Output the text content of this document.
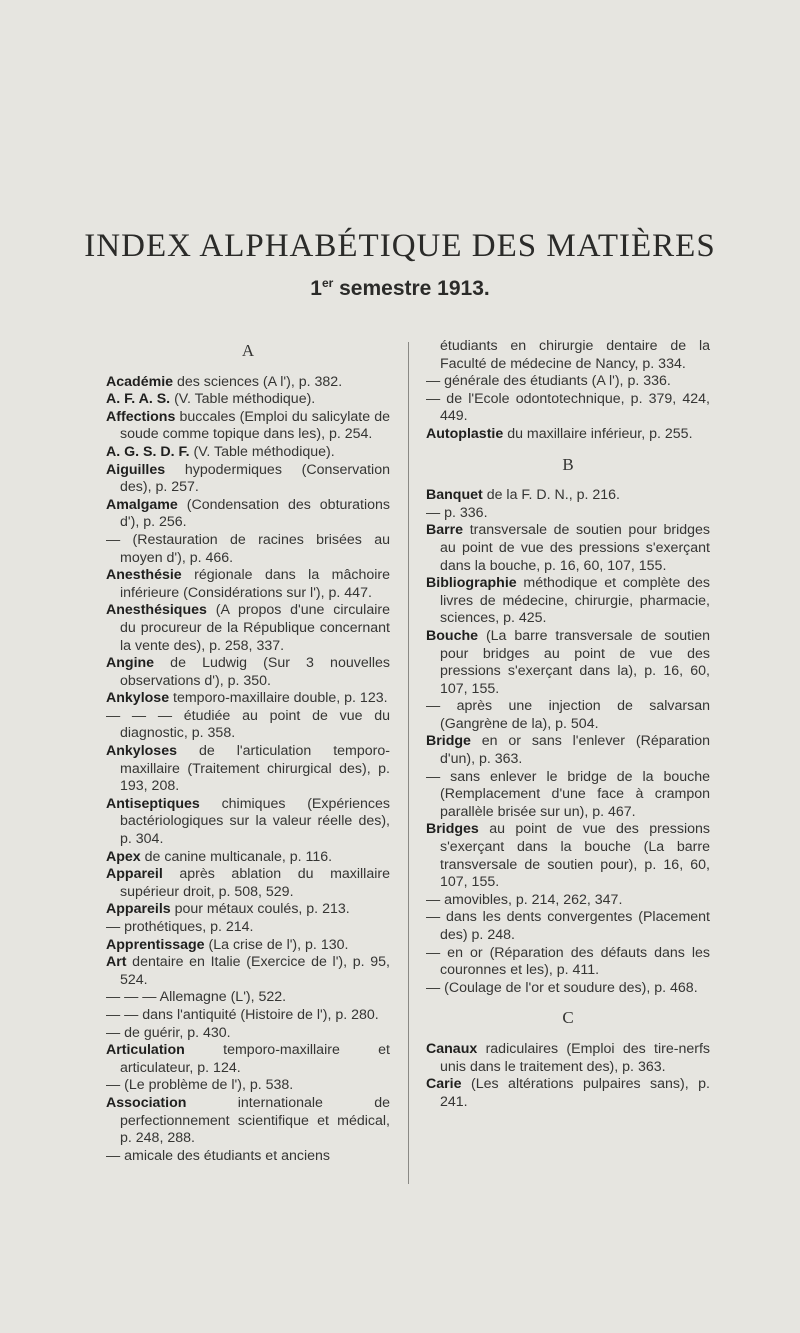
INDEX ALPHABÉTIQUE DES MATIÈRES
1er semestre 1913.
A

Académie des sciences (A l'), p. 382.

A. F. A. S. (V. Table méthodique).

Affections buccales (Emploi du salicylate de soude comme topique dans les), p. 254.

A. G. S. D. F. (V. Table méthodique).

Aiguilles hypodermiques (Conservation des), p. 257.

Amalgame (Condensation des obturations d'), p. 256.

— (Restauration de racines brisées au moyen d'), p. 466.

Anesthésie régionale dans la mâchoire inférieure (Considérations sur l'), p. 447.

Anesthésiques (A propos d'une circulaire du procureur de la République concernant la vente des), p. 258, 337.

Angine de Ludwig (Sur 3 nouvelles observations d'), p. 350.

Ankylose temporo-maxillaire double, p. 123.

— — — étudiée au point de vue du diagnostic, p. 358.

Ankyloses de l'articulation temporo-maxillaire (Traitement chirurgical des), p. 193, 208.

Antiseptiques chimiques (Expériences bactériologiques sur la valeur réelle des), p. 304.

Apex de canine multicanale, p. 116.

Appareil après ablation du maxillaire supérieur droit, p. 508, 529.

Appareils pour métaux coulés, p. 213.

— prothétiques, p. 214.

Apprentissage (La crise de l'), p. 130.

Art dentaire en Italie (Exercice de l'), p. 95, 524.

— — — Allemagne (L'), 522.

— — dans l'antiquité (Histoire de l'), p. 280.

— de guérir, p. 430.

Articulation temporo-maxillaire et articulateur, p. 124.

— (Le problème de l'), p. 538.

Association internationale de perfectionnement scientifique et médical, p. 248, 288.

— amicale des étudiants et anciens

étudiants en chirurgie dentaire de la Faculté de médecine de Nancy, p. 334.

— générale des étudiants (A l'), p. 336.

— de l'Ecole odontotechnique, p. 379, 424, 449.

Autoplastie du maxillaire inférieur, p. 255.

B

Banquet de la F. D. N., p. 216.

— p. 336.

Barre transversale de soutien pour bridges au point de vue des pressions s'exerçant dans la bouche, p. 16, 60, 107, 155.

Bibliographie méthodique et complète des livres de médecine, chirurgie, pharmacie, sciences, p. 425.

Bouche (La barre transversale de soutien pour bridges au point de vue des pressions s'exerçant dans la), p. 16, 60, 107, 155.

— après une injection de salvarsan (Gangrène de la), p. 504.

Bridge en or sans l'enlever (Réparation d'un), p. 363.

— sans enlever le bridge de la bouche (Remplacement d'une face à crampon parallèle brisée sur un), p. 467.

Bridges au point de vue des pressions s'exerçant dans la bouche (La barre transversale de soutien pour), p. 16, 60, 107, 155.

— amovibles, p. 214, 262, 347.

— dans les dents convergentes (Placement des) p. 248.

— en or (Réparation des défauts dans les couronnes et les), p. 411.

— (Coulage de l'or et soudure des), p. 468.

C

Canaux radiculaires (Emploi des tire-nerfs unis dans le traitement des), p. 363.

Carie (Les altérations pulpaires sans), p. 241.
